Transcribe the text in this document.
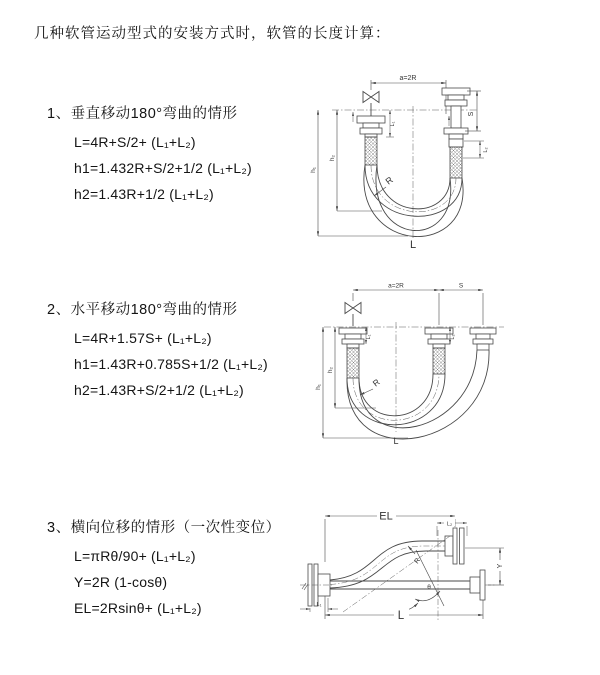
几种软管运动型式的安装方式时，软管的长度计算：
1、垂直移动180°弯曲的情形
L=4R+S/2+ (L₁+L₂)
h1=1.432R+S/2+1/2 (L₁+L₂)
h2=1.43R+1/2 (L₁+L₂)
2、水平移动180°弯曲的情形
L=4R+1.57S+ (L₁+L₂)
h1=1.43R+0.785S+1/2 (L₁+L₂)
h2=1.43R+S/2+1/2 (L₁+L₂)
3、横向位移的情形（一次性变位）
L=πRθ/90+ (L₁+L₂)
Y=2R (1-cosθ)
EL=2Rsinθ+ (L₁+L₂)
a=2R
S
L₂
L₁
h₁
h₂
R
L
a=2R	S
h₁
h₂
L₁	L₂
R
L
EL
L₂
Y
θ
R
L
L₁
